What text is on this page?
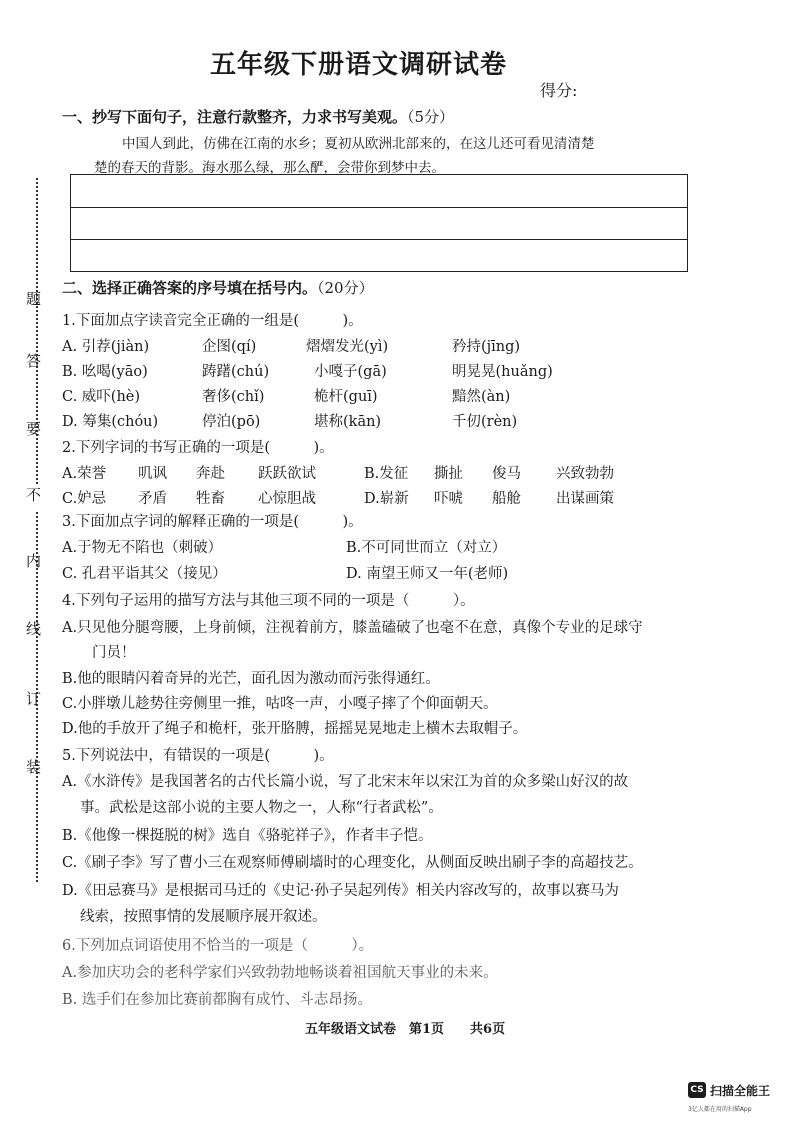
五年级下册语文调研试卷
得分:
一、抄写下面句子，注意行款整齐，力求书写美观。（5分）
中国人到此，仿佛在江南的水乡；夏初从欧洲北部来的，在这儿还可看见清清楚
楚的春天的背影。海水那么绿，那么酽，会带你到梦中去。
题
答
要
不
内
线
订
装
二、选择正确答案的序号填在括号内。（20分）
1.下面加点字读音完全正确的一组是(　　　)。
A. 引荐(jiàn)	企图(qí)	熠熠发光(yì)	矜持(jīng)
B. 吆喝(yāo)	踌躇(chú)	小嘎子(gā)	明晃晃(huǎng)
C. 威吓(hè)	奢侈(chǐ)	桅杆(guī)	黯然(àn)
D. 筹集(chóu)	停泊(pō)	堪称(kān)	千仞(rèn)
2.下列字词的书写正确的一项是(　　　)。
A.荣誉 叽讽 奔赴 跃跃欲试	B.发征 撕扯 俊马 兴致勃勃
C.妒忌 矛盾 牲畜 心惊胆战	D.崭新 吓唬 船舱 出谋画策
3.下面加点字词的解释正确的一项是(　　　)。
A.于物无不陷也（刺破）	B.不可同世而立（对立）
C. 孔君平诣其父（接见）	D. 南望王师又一年(老师)
4.下列句子运用的描写方法与其他三项不同的一项是（　　　）。
A.只见他分腿弯腰，上身前倾，注视着前方，膝盖磕破了也毫不在意，真像个专业的足球守
门员！
B.他的眼睛闪着奇异的光芒，面孔因为激动而污张得通红。
C.小胖墩儿趁势往旁侧里一推，咕咚一声，小嘎子摔了个仰面朝天。
D.他的手放开了绳子和桅杆，张开胳膊，摇摇晃晃地走上横木去取帽子。
5.下列说法中，有错误的一项是(　　　)。
A.《水浒传》是我国著名的古代长篇小说，写了北宋末年以宋江为首的众多梁山好汉的故
事。武松是这部小说的主要人物之一，人称“行者武松”。
B.《他像一棵挺脱的树》选自《骆驼祥子》，作者丰子恺。
C.《刷子李》写了曹小三在观察师傅刷墙时的心理变化，从侧面反映出刷子李的高超技艺。
D.《田忌赛马》是根据司马迁的《史记·孙子吴起列传》相关内容改写的，故事以赛马为
线索，按照事情的发展顺序展开叙述。
6.下列加点词语使用不恰当的一项是（　　　）。
A.参加庆功会的老科学家们兴致勃勃地畅谈着祖国航天事业的未来。
B. 选手们在参加比赛前都胸有成竹、斗志昂扬。
五年级语文试卷　第1页　　共6页
CS 扫描全能王
3亿人都在用的扫描App
